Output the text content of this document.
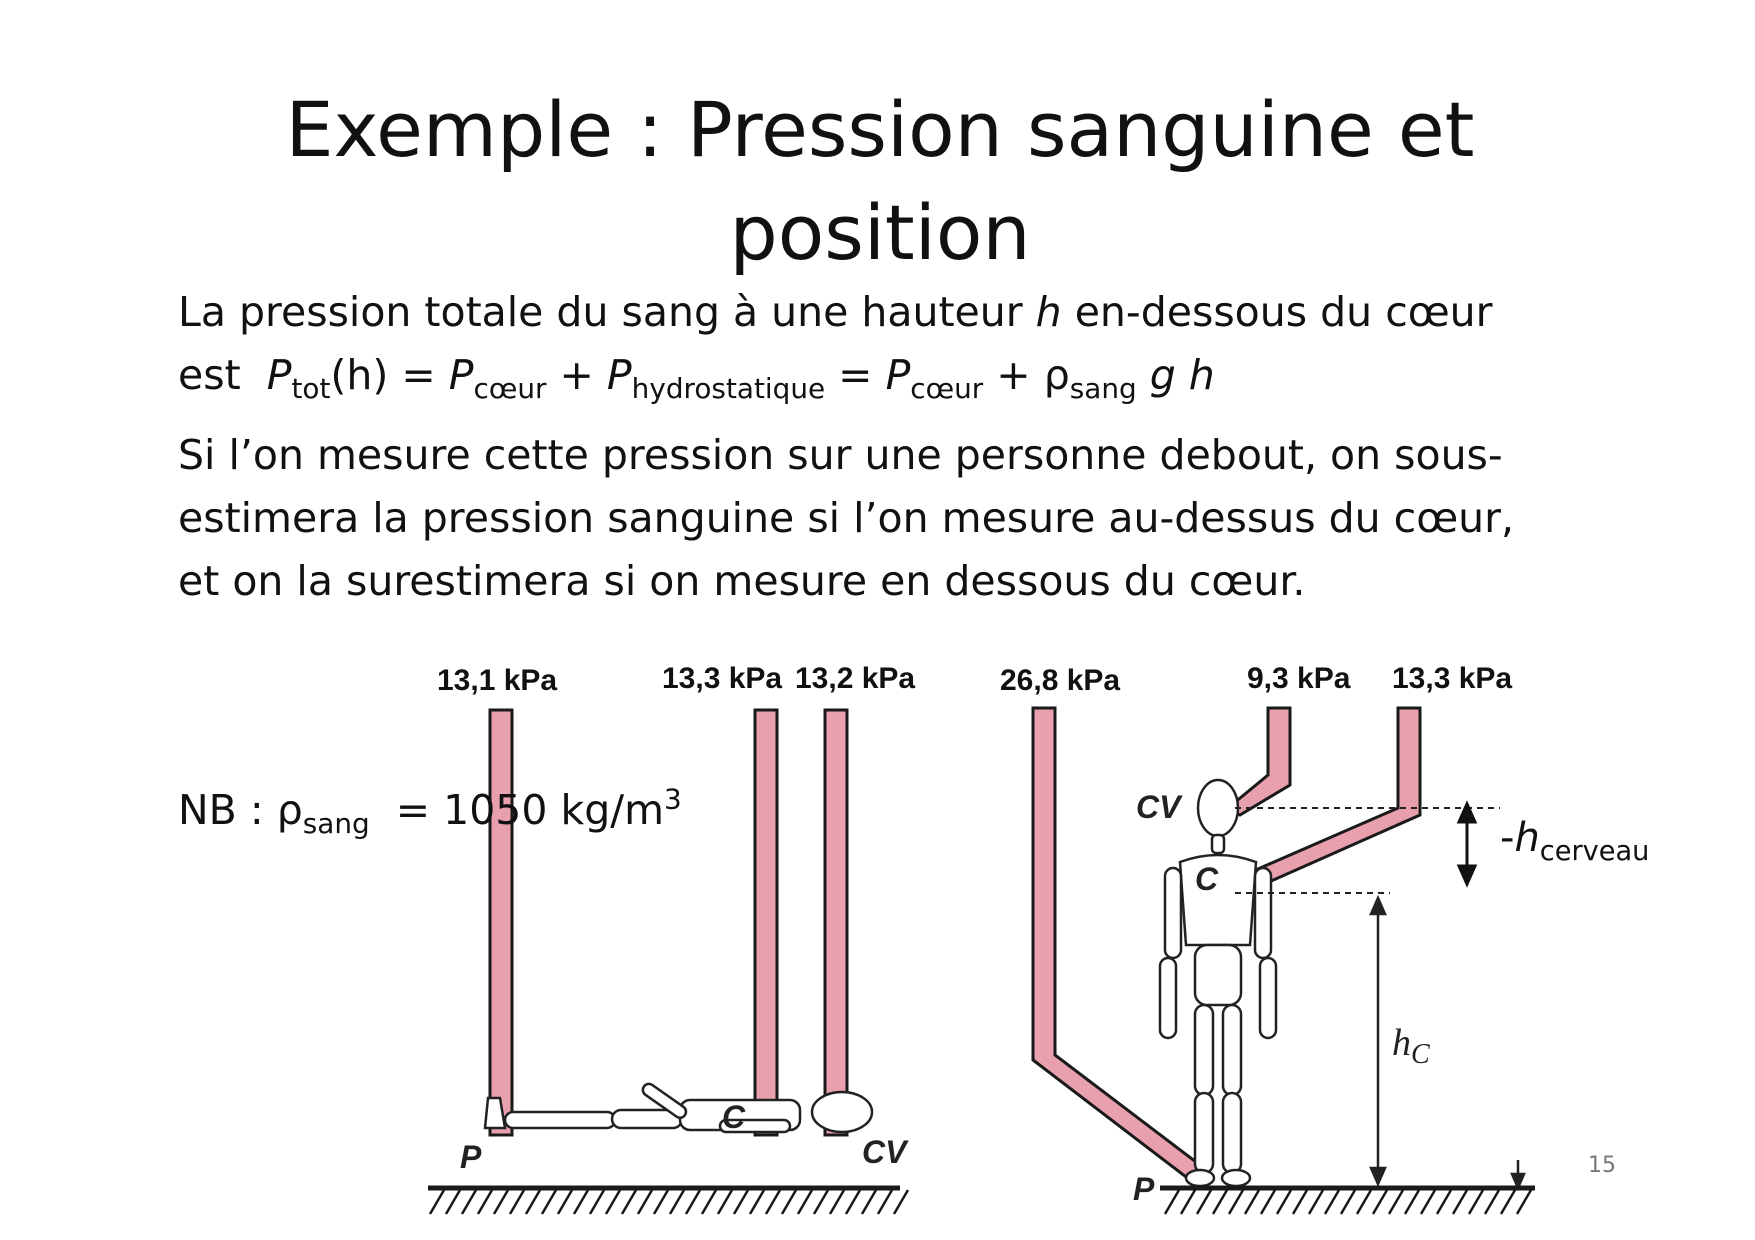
Exemple : Pression sanguine et
position
La pression totale du sang à une hauteur h en-dessous du cœur
est  $P_{tot}(h) = P_{cœur} + P_{hydrostatique} = P_{cœur} + \rho_{sang}$ g h
Si l’on mesure cette pression sur une personne debout, on sous-
estimera la pression sanguine si l’on mesure au-dessus du cœur,
et on la surestimera si on mesure en dessous du cœur.
13,1 kPa	13,3 kPa 13,2 kPa
P
C
CV
26,8 kPa	9,3 kPa 13,3 kPa
CV
C
P
$h_C$
$-h_{cerveau}$
NB : $\rho_{sang} = 1050$ $kg/m^3$
15
